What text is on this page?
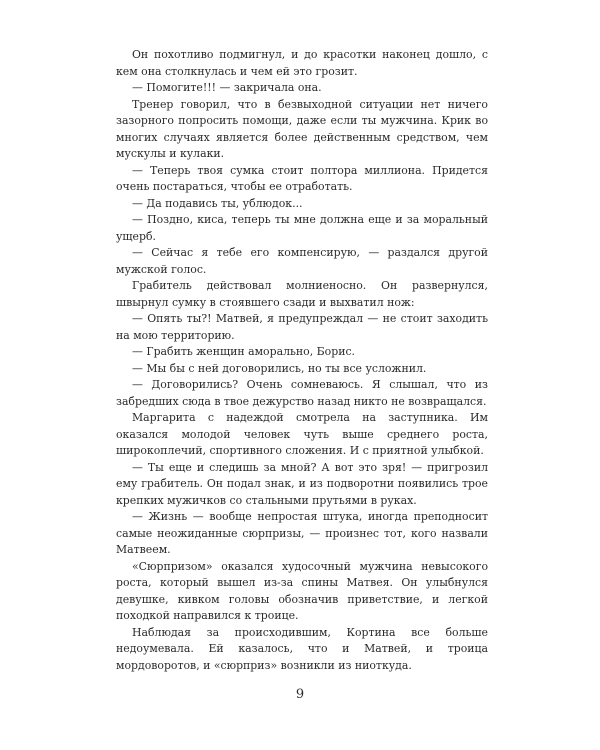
Он похотливо подмигнул, и до красотки наконец дошло, с кем она столкнулась и чем ей это грозит.

— Помогите!!! — закричала она.

Тренер говорил, что в безвыходной ситуации нет ничего зазорного попросить помощи, даже если ты мужчина. Крик во многих случаях является более действенным средством, чем мускулы и кулаки.

— Теперь твоя сумка стоит полтора миллиона. Придется очень постараться, чтобы ее отработать.

— Да подавись ты, ублюдок...

— Поздно, киса, теперь ты мне должна еще и за моральный ущерб.

— Сейчас я тебе его компенсирую, — раздался другой мужской голос.

Грабитель действовал молниеносно. Он развернулся, швырнул сумку в стоявшего сзади и выхватил нож:

— Опять ты?! Матвей, я предупреждал — не стоит заходить на мою территорию.

— Грабить женщин аморально, Борис.

— Мы бы с ней договорились, но ты все усложнил.

— Договорились? Очень сомневаюсь. Я слышал, что из забредших сюда в твое дежурство назад никто не возвращался.

Маргарита с надеждой смотрела на заступника. Им оказался молодой человек чуть выше среднего роста, широкоплечий, спортивного сложения. И с приятной улыбкой.

— Ты еще и следишь за мной? А вот это зря! — пригрозил ему грабитель. Он подал знак, и из подворотни появились трое крепких мужичков со стальными прутьями в руках.

— Жизнь — вообще непростая штука, иногда преподносит самые неожиданные сюрпризы, — произнес тот, кого назвали Матвеем.

«Сюрпризом» оказался худосочный мужчина невысокого роста, который вышел из-за спины Матвея. Он улыбнулся девушке, кивком головы обозначив приветствие, и легкой походкой направился к троице.

Наблюдая за происходившим, Кортина все больше недоумевала. Ей казалось, что и Матвей, и троица мордоворотов, и «сюрприз» возникли из ниоткуда.

9
